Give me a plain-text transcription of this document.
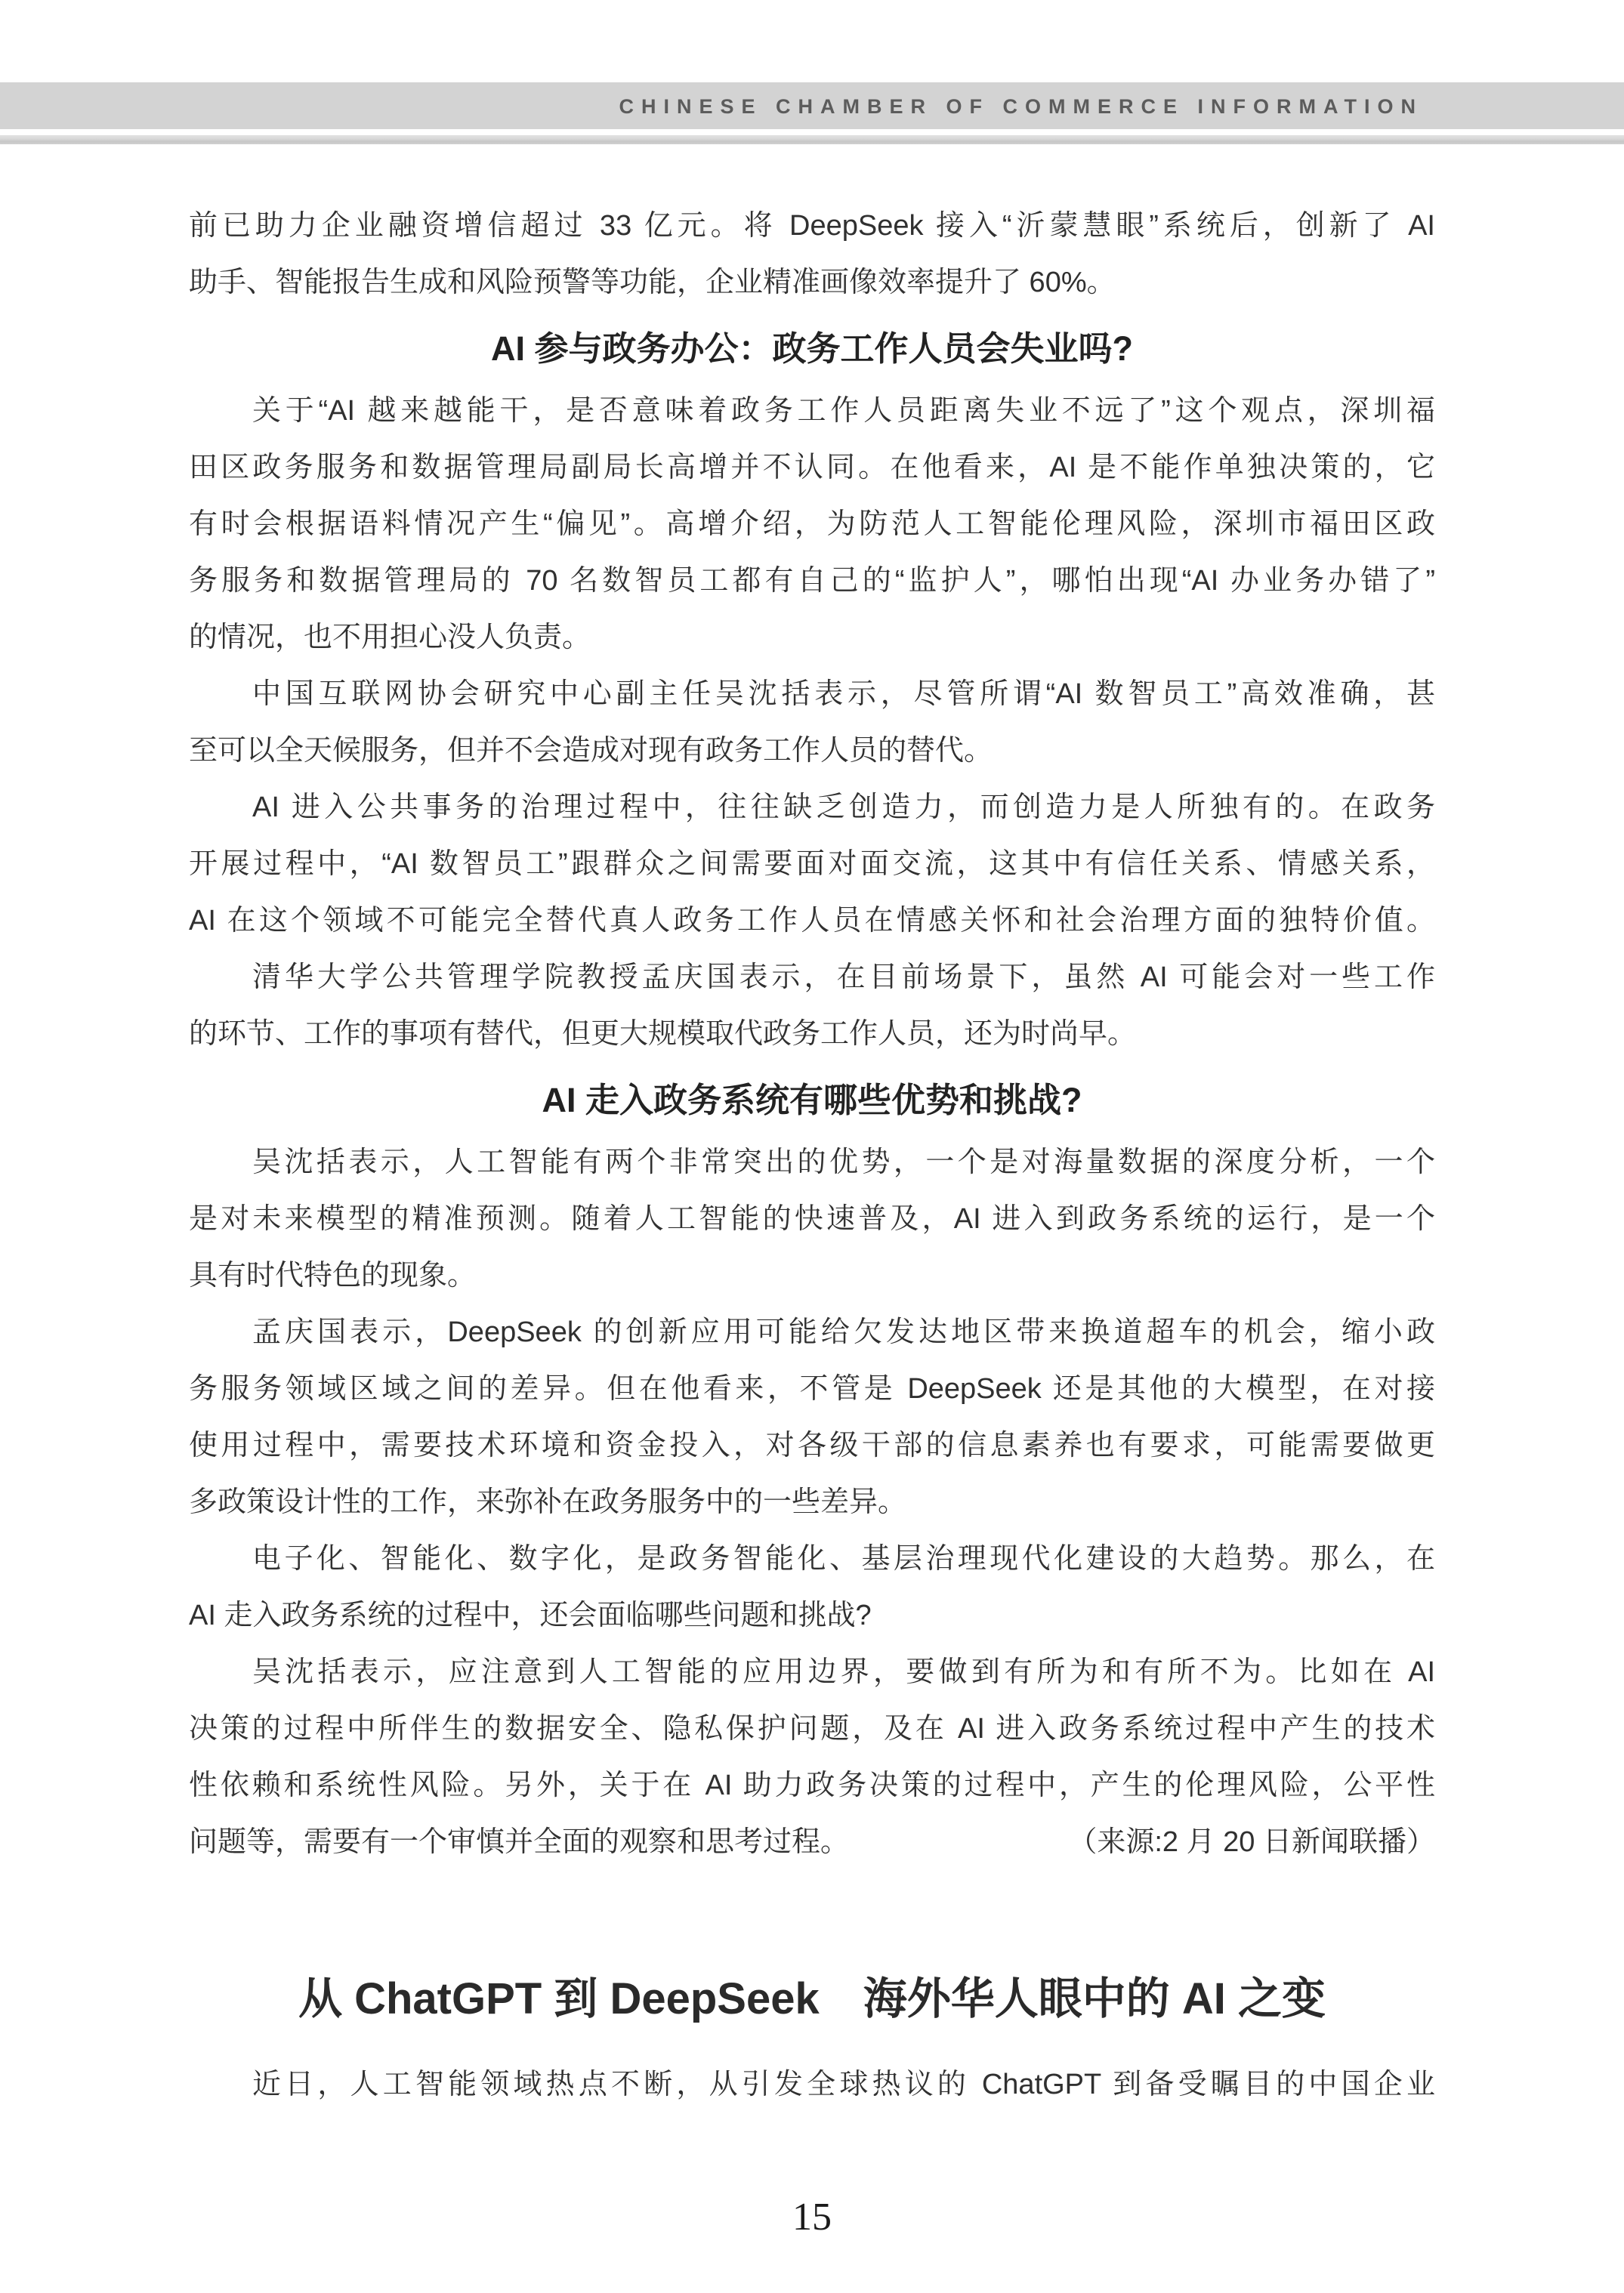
CHINESE CHAMBER OF COMMERCE INFORMATION
前已助力企业融资增信超过 33 亿元。将 DeepSeek 接入“沂蒙慧眼”系统后，创新了 AI
助手、智能报告生成和风险预警等功能，企业精准画像效率提升了 60%。
AI 参与政务办公：政务工作人员会失业吗?
关于“AI 越来越能干，是否意味着政务工作人员距离失业不远了”这个观点，深圳福
田区政务服务和数据管理局副局长高增并不认同。在他看来，AI 是不能作单独决策的，它
有时会根据语料情况产生“偏见”。高增介绍，为防范人工智能伦理风险，深圳市福田区政
务服务和数据管理局的 70 名数智员工都有自己的“监护人”，哪怕出现“AI 办业务办错了”
的情况，也不用担心没人负责。
中国互联网协会研究中心副主任吴沈括表示，尽管所谓“AI 数智员工”高效准确，甚
至可以全天候服务，但并不会造成对现有政务工作人员的替代。
AI 进入公共事务的治理过程中，往往缺乏创造力，而创造力是人所独有的。在政务
开展过程中，“AI 数智员工”跟群众之间需要面对面交流，这其中有信任关系、情感关系，
AI 在这个领域不可能完全替代真人政务工作人员在情感关怀和社会治理方面的独特价值。
清华大学公共管理学院教授孟庆国表示，在目前场景下，虽然 AI 可能会对一些工作
的环节、工作的事项有替代，但更大规模取代政务工作人员，还为时尚早。
AI 走入政务系统有哪些优势和挑战?
吴沈括表示，人工智能有两个非常突出的优势，一个是对海量数据的深度分析，一个
是对未来模型的精准预测。随着人工智能的快速普及，AI 进入到政务系统的运行，是一个
具有时代特色的现象。
孟庆国表示，DeepSeek 的创新应用可能给欠发达地区带来换道超车的机会，缩小政
务服务领域区域之间的差异。但在他看来，不管是 DeepSeek 还是其他的大模型，在对接
使用过程中，需要技术环境和资金投入，对各级干部的信息素养也有要求，可能需要做更
多政策设计性的工作，来弥补在政务服务中的一些差异。
电子化、智能化、数字化，是政务智能化、基层治理现代化建设的大趋势。那么，在
AI 走入政务系统的过程中，还会面临哪些问题和挑战?
吴沈括表示，应注意到人工智能的应用边界，要做到有所为和有所不为。比如在 AI
决策的过程中所伴生的数据安全、隐私保护问题，及在 AI 进入政务系统过程中产生的技术
性依赖和系统性风险。另外，关于在 AI 助力政务决策的过程中，产生的伦理风险，公平性
问题等，需要有一个审慎并全面的观察和思考过程。	（来源:2 月 20 日新闻联播）
从 ChatGPT 到 DeepSeek　海外华人眼中的 AI 之变
近日，人工智能领域热点不断，从引发全球热议的 ChatGPT 到备受瞩目的中国企业
15
